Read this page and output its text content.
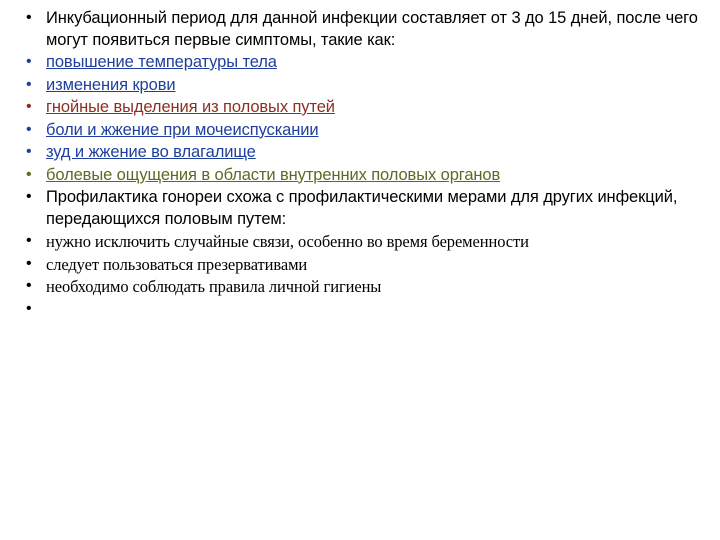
• Инкубационный период для данной инфекции составляет от 3 до 15 дней, после чего могут появиться первые симптомы, такие как:
• повышение температуры тела
• изменения крови
• гнойные выделения из половых путей
• боли и жжение при мочеиспускании
• зуд и жжение во влагалище
• болевые ощущения в области внутренних половых органов
• Профилактика гонореи схожа с профилактическими мерами для других инфекций, передающихся половым путем:
• нужно исключить случайные связи, особенно во время беременности
• следует пользоваться презервативами
• необходимо соблюдать правила личной гигиены
•
